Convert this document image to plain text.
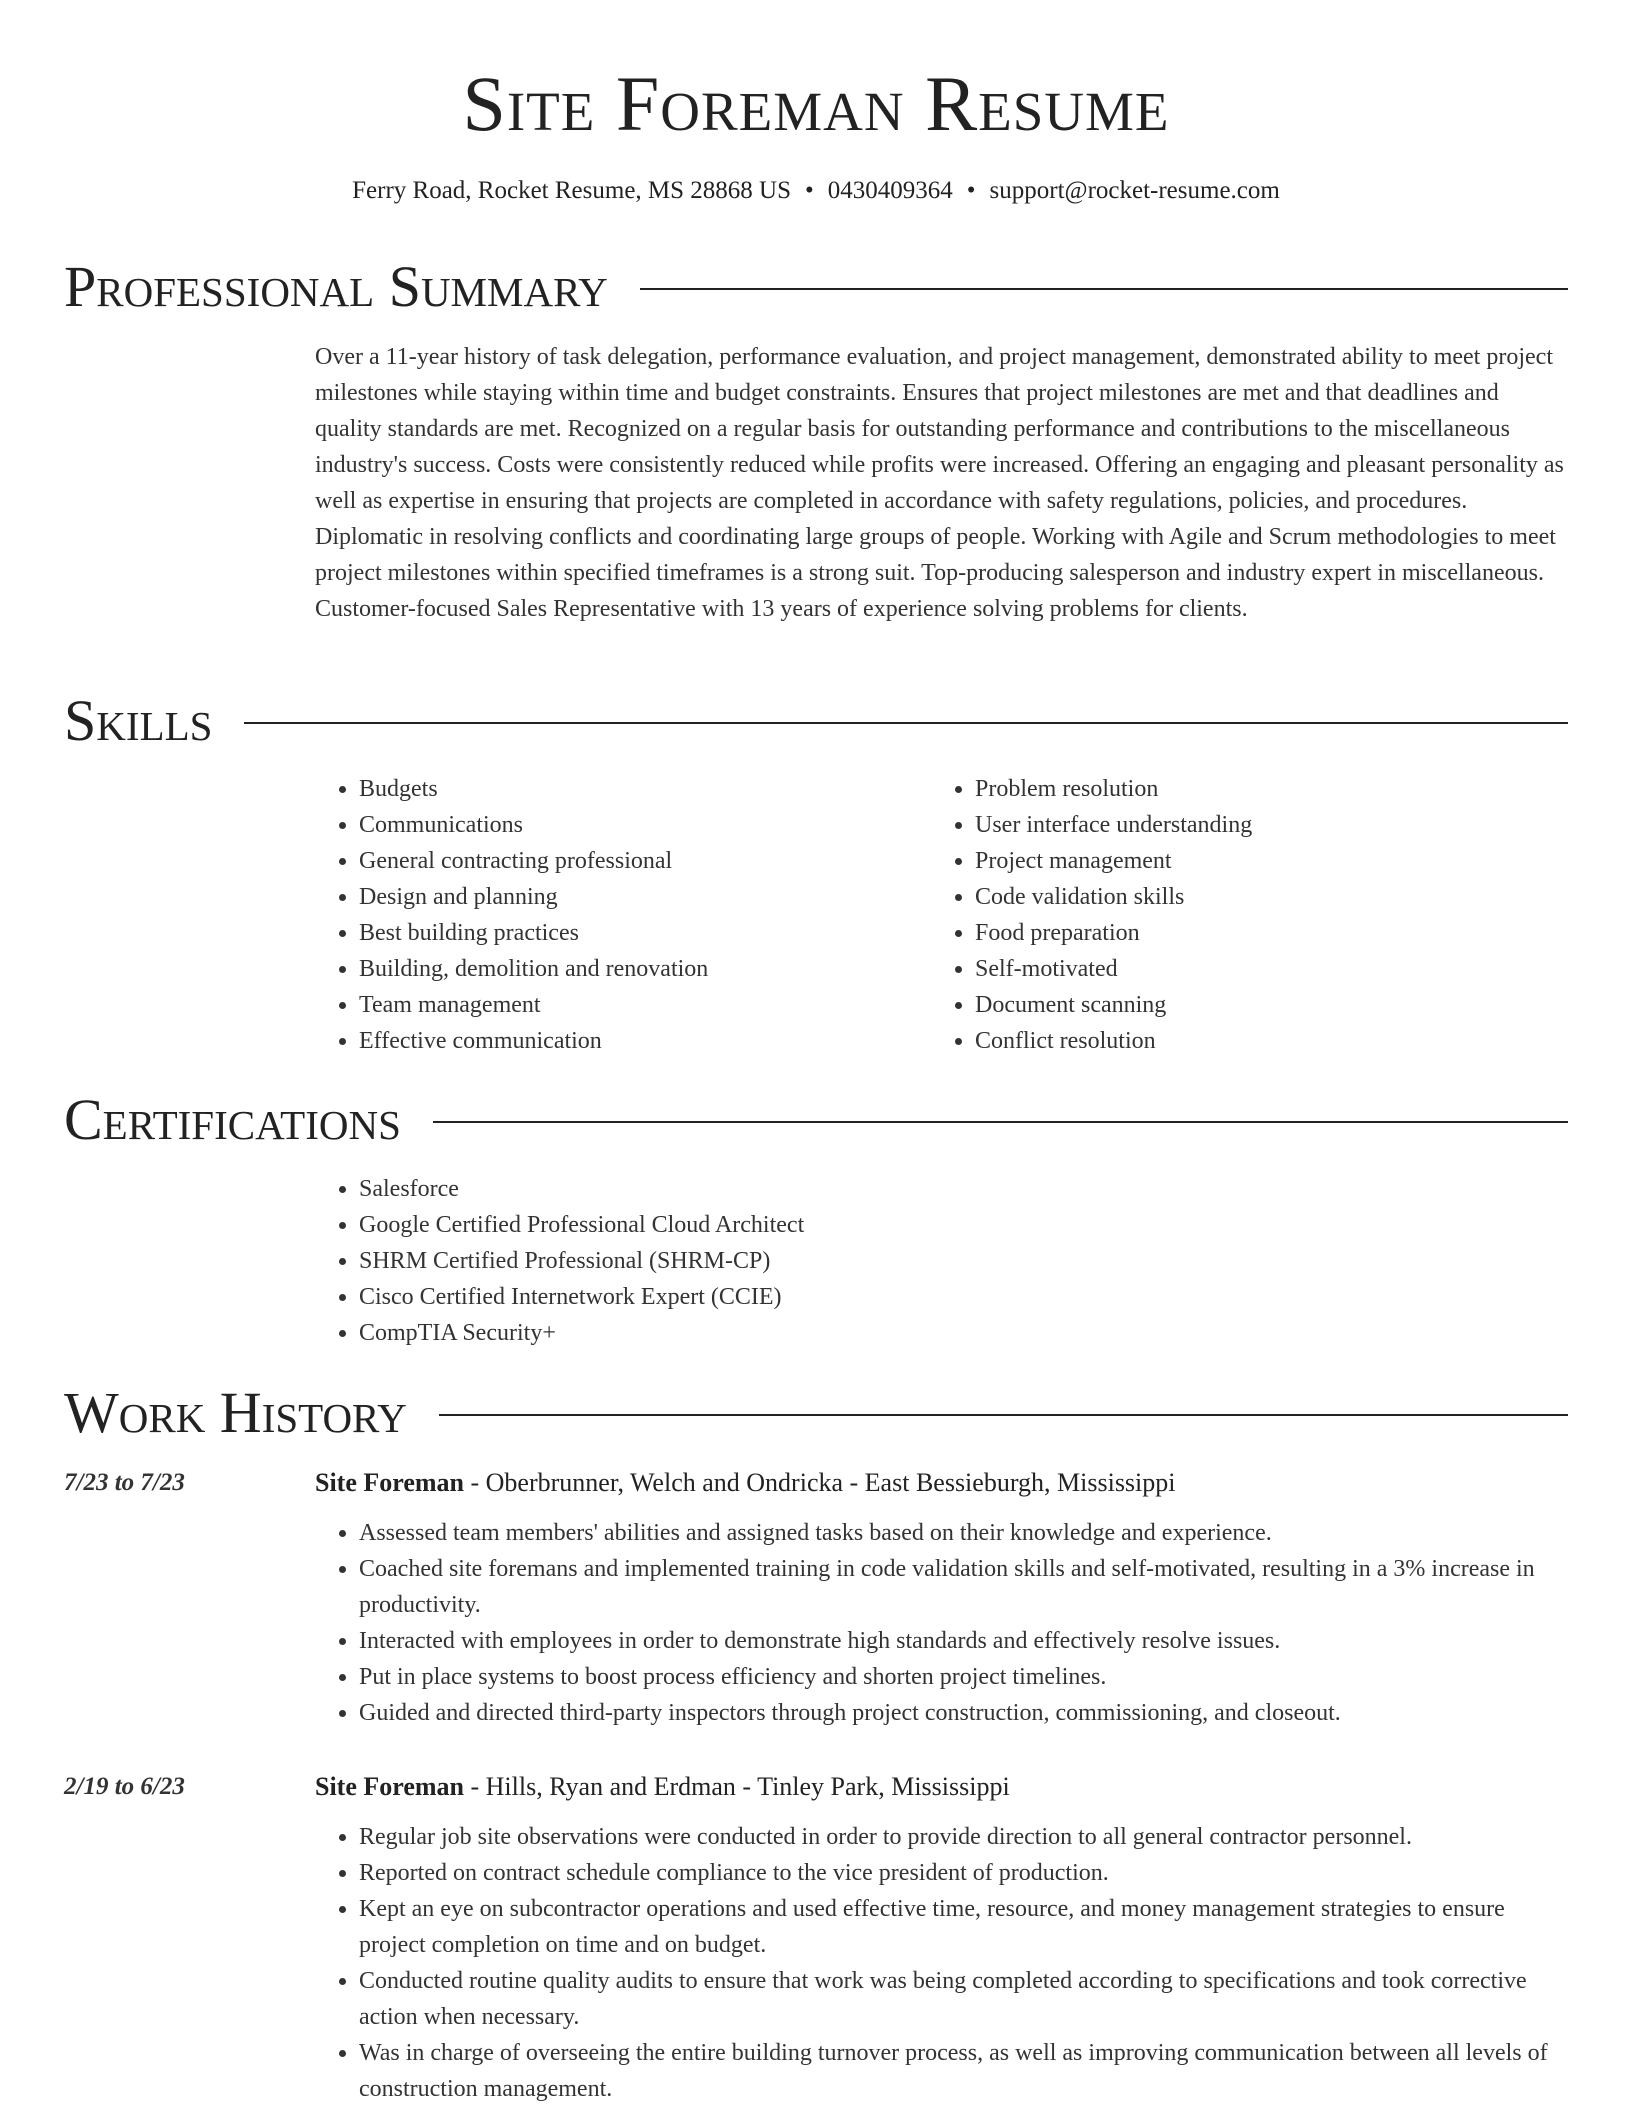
Site Foreman Resume
Ferry Road, Rocket Resume, MS 28868 US • 0430409364 • support@rocket-resume.com
Professional Summary

Over a 11-year history of task delegation, performance evaluation, and project management, demonstrated ability to meet project milestones while staying within time and budget constraints. Ensures that project milestones are met and that deadlines and quality standards are met. Recognized on a regular basis for outstanding performance and contributions to the miscellaneous industry's success. Costs were consistently reduced while profits were increased. Offering an engaging and pleasant personality as well as expertise in ensuring that projects are completed in accordance with safety regulations, policies, and procedures. Diplomatic in resolving conflicts and coordinating large groups of people. Working with Agile and Scrum methodologies to meet project milestones within specified timeframes is a strong suit. Top-producing salesperson and industry expert in miscellaneous. Customer-focused Sales Representative with 13 years of experience solving problems for clients.

Skills
• Budgets
• Communications
• General contracting professional
• Design and planning
• Best building practices
• Building, demolition and renovation
• Team management
• Effective communication
• Problem resolution
• User interface understanding
• Project management
• Code validation skills
• Food preparation
• Self-motivated
• Document scanning
• Conflict resolution
Certifications
• Salesforce
• Google Certified Professional Cloud Architect
• SHRM Certified Professional (SHRM-CP)
• Cisco Certified Internetwork Expert (CCIE)
• CompTIA Security+
Work History
7/23 to 7/23	Site Foreman - Oberbrunner, Welch and Ondricka - East Bessieburgh, Mississippi
• Assessed team members' abilities and assigned tasks based on their knowledge and experience.
• Coached site foremans and implemented training in code validation skills and self-motivated, resulting in a 3% increase in productivity.
• Interacted with employees in order to demonstrate high standards and effectively resolve issues.
• Put in place systems to boost process efficiency and shorten project timelines.
• Guided and directed third-party inspectors through project construction, commissioning, and closeout.
2/19 to 6/23	Site Foreman - Hills, Ryan and Erdman - Tinley Park, Mississippi
• Regular job site observations were conducted in order to provide direction to all general contractor personnel.
• Reported on contract schedule compliance to the vice president of production.
• Kept an eye on subcontractor operations and used effective time, resource, and money management strategies to ensure project completion on time and on budget.
• Conducted routine quality audits to ensure that work was being completed according to specifications and took corrective action when necessary.
• Was in charge of overseeing the entire building turnover process, as well as improving communication between all levels of construction management.
